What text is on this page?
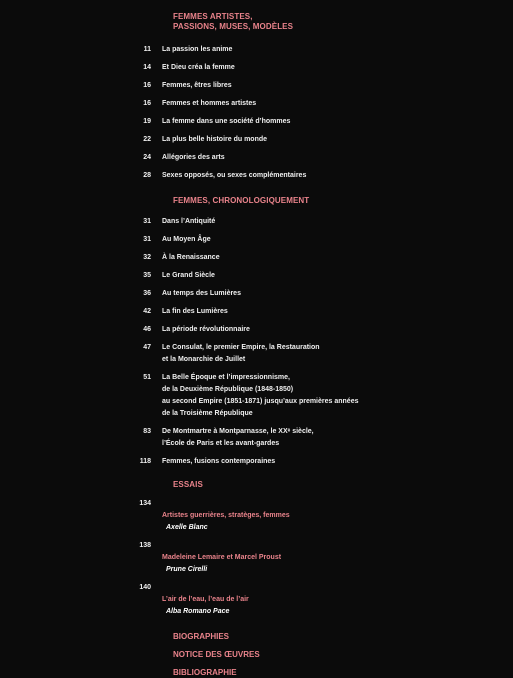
FEMMES ARTISTES,
PASSIONS, MUSES, MODÈLES
11	La passion les anime
14	Et Dieu créa la femme
16	Femmes, êtres libres
16	Femmes et hommes artistes
19	La femme dans une société d’hommes
22	La plus belle histoire du monde
24	Allégories des arts
28	Sexes opposés, ou sexes complémentaires
FEMMES, CHRONOLOGIQUEMENT
31	Dans l’Antiquité
31	Au Moyen Âge
32	À la Renaissance
35	Le Grand Siècle
36	Au temps des Lumières
42	La fin des Lumières
46	La période révolutionnaire
47	Le Consulat, le premier Empire, la Restauration
et la Monarchie de Juillet
51	La Belle Époque et l’impressionnisme,
de la Deuxième République (1848-1850)
au second Empire (1851-1871) jusqu’aux premières années
de la Troisième République
83	De Montmartre à Montparnasse, le XXᵉ siècle,
l’École de Paris et les avant-gardes
118	Femmes, fusions contemporaines
ESSAIS
134

Artistes guerrières, stratèges, femmes
Axelle Blanc

138

Madeleine Lemaire et Marcel Proust
Prune Cirelli

140

L’air de l’eau, l’eau de l’air
Alba Romano Pace

BIOGRAPHIES
NOTICE DES ŒUVRES
BIBLIOGRAPHIE
